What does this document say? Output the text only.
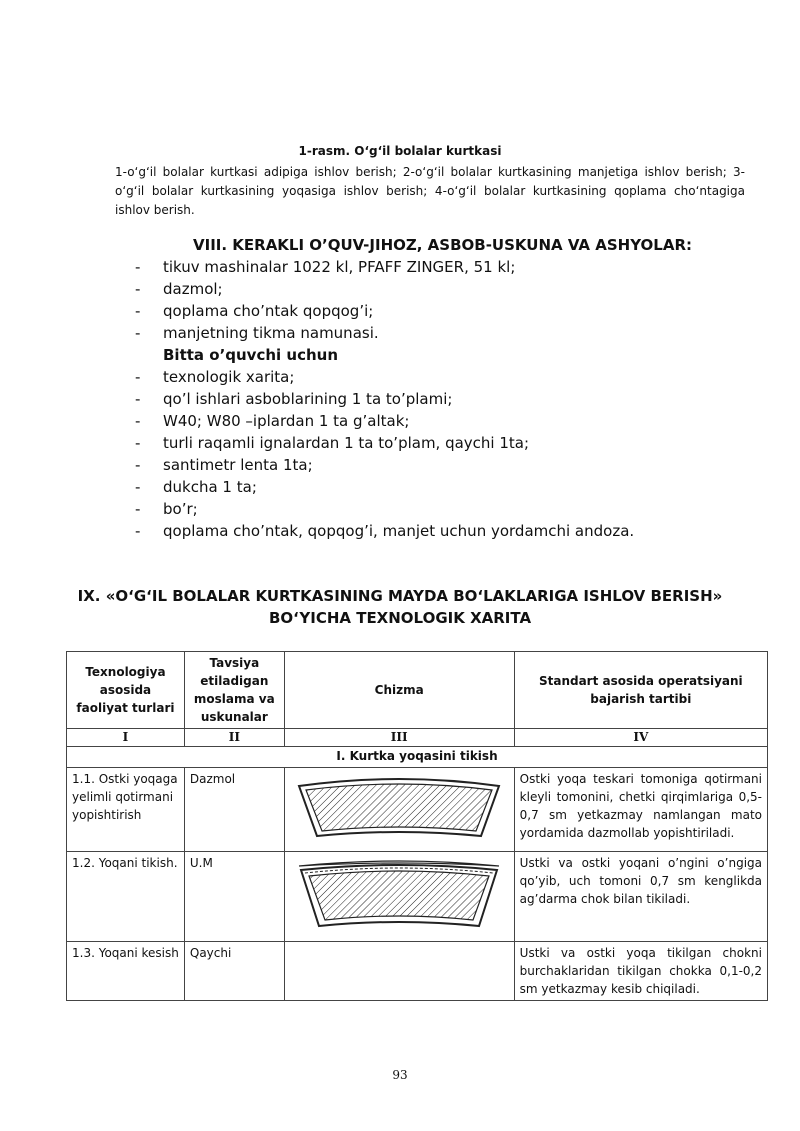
1-rasm. O‘g‘il bolalar kurtkasi
1-o‘g‘il bolalar kurtkasi adipiga ishlov berish; 2-o‘g‘il bolalar kurtkasining manjetiga ishlov berish; 3-o‘g‘il bolalar kurtkasining yoqasiga ishlov berish; 4-o‘g‘il bolalar kurtkasining qoplama cho‘ntagiga ishlov berish.
VIII. KERAKLI O’QUV-JIHOZ, ASBOB-USKUNA VA ASHYOLAR:
- tikuv mashinalar 1022 kl, PFAFF ZINGER, 51 kl;
- dazmol;
- qoplama cho’ntak qopqog’i;
- manjetning tikma namunasi.
Bitta o’quvchi uchun
- texnologik xarita;
- qo’l ishlari asboblarining 1 ta to’plami;
- W40; W80 –iplardan 1 ta g’altak;
- turli raqamli ignalardan 1 ta to’plam, qaychi 1ta;
- santimetr lenta 1ta;
- dukcha 1 ta;
- bo’r;
- qoplama cho’ntak, qopqog’i, manjet uchun yordamchi andoza.
IX. «O‘G‘IL BOLALAR KURTKASINING MAYDA BO‘LAKLARIGA ISHLOV BERISH»
BO‘YICHA TEXNOLOGIK XARITA
Texnologiya asosida faoliyat turlari	Tavsiya etiladigan moslama va uskunalar	Chizma	Standart asosida operatsiyani bajarish tartibi
I	II	III	IV
I. Kurtka yoqasini tikish			
1.1. Ostki yoqaga yelimli qotirmani yopishtirish	Dazmol		Ostki yoqa teskari tomoniga qotirmani kleyli tomonini, chetki qirqimlariga 0,5-0,7 sm yetkazmay namlangan mato yordamida dazmollab yopishtiriladi.
1.2. Yoqani tikish.	U.M		Ustki va ostki yoqani o’ngini o’ngiga qo’yib, uch tomoni 0,7 sm kenglikda ag’darma chok bilan tikiladi.
1.3. Yoqani kesish	Qaychi		Ustki va ostki yoqa tikilgan chokni burchaklaridan tikilgan chokka 0,1-0,2 sm yetkazmay kesib chiqiladi.
93
